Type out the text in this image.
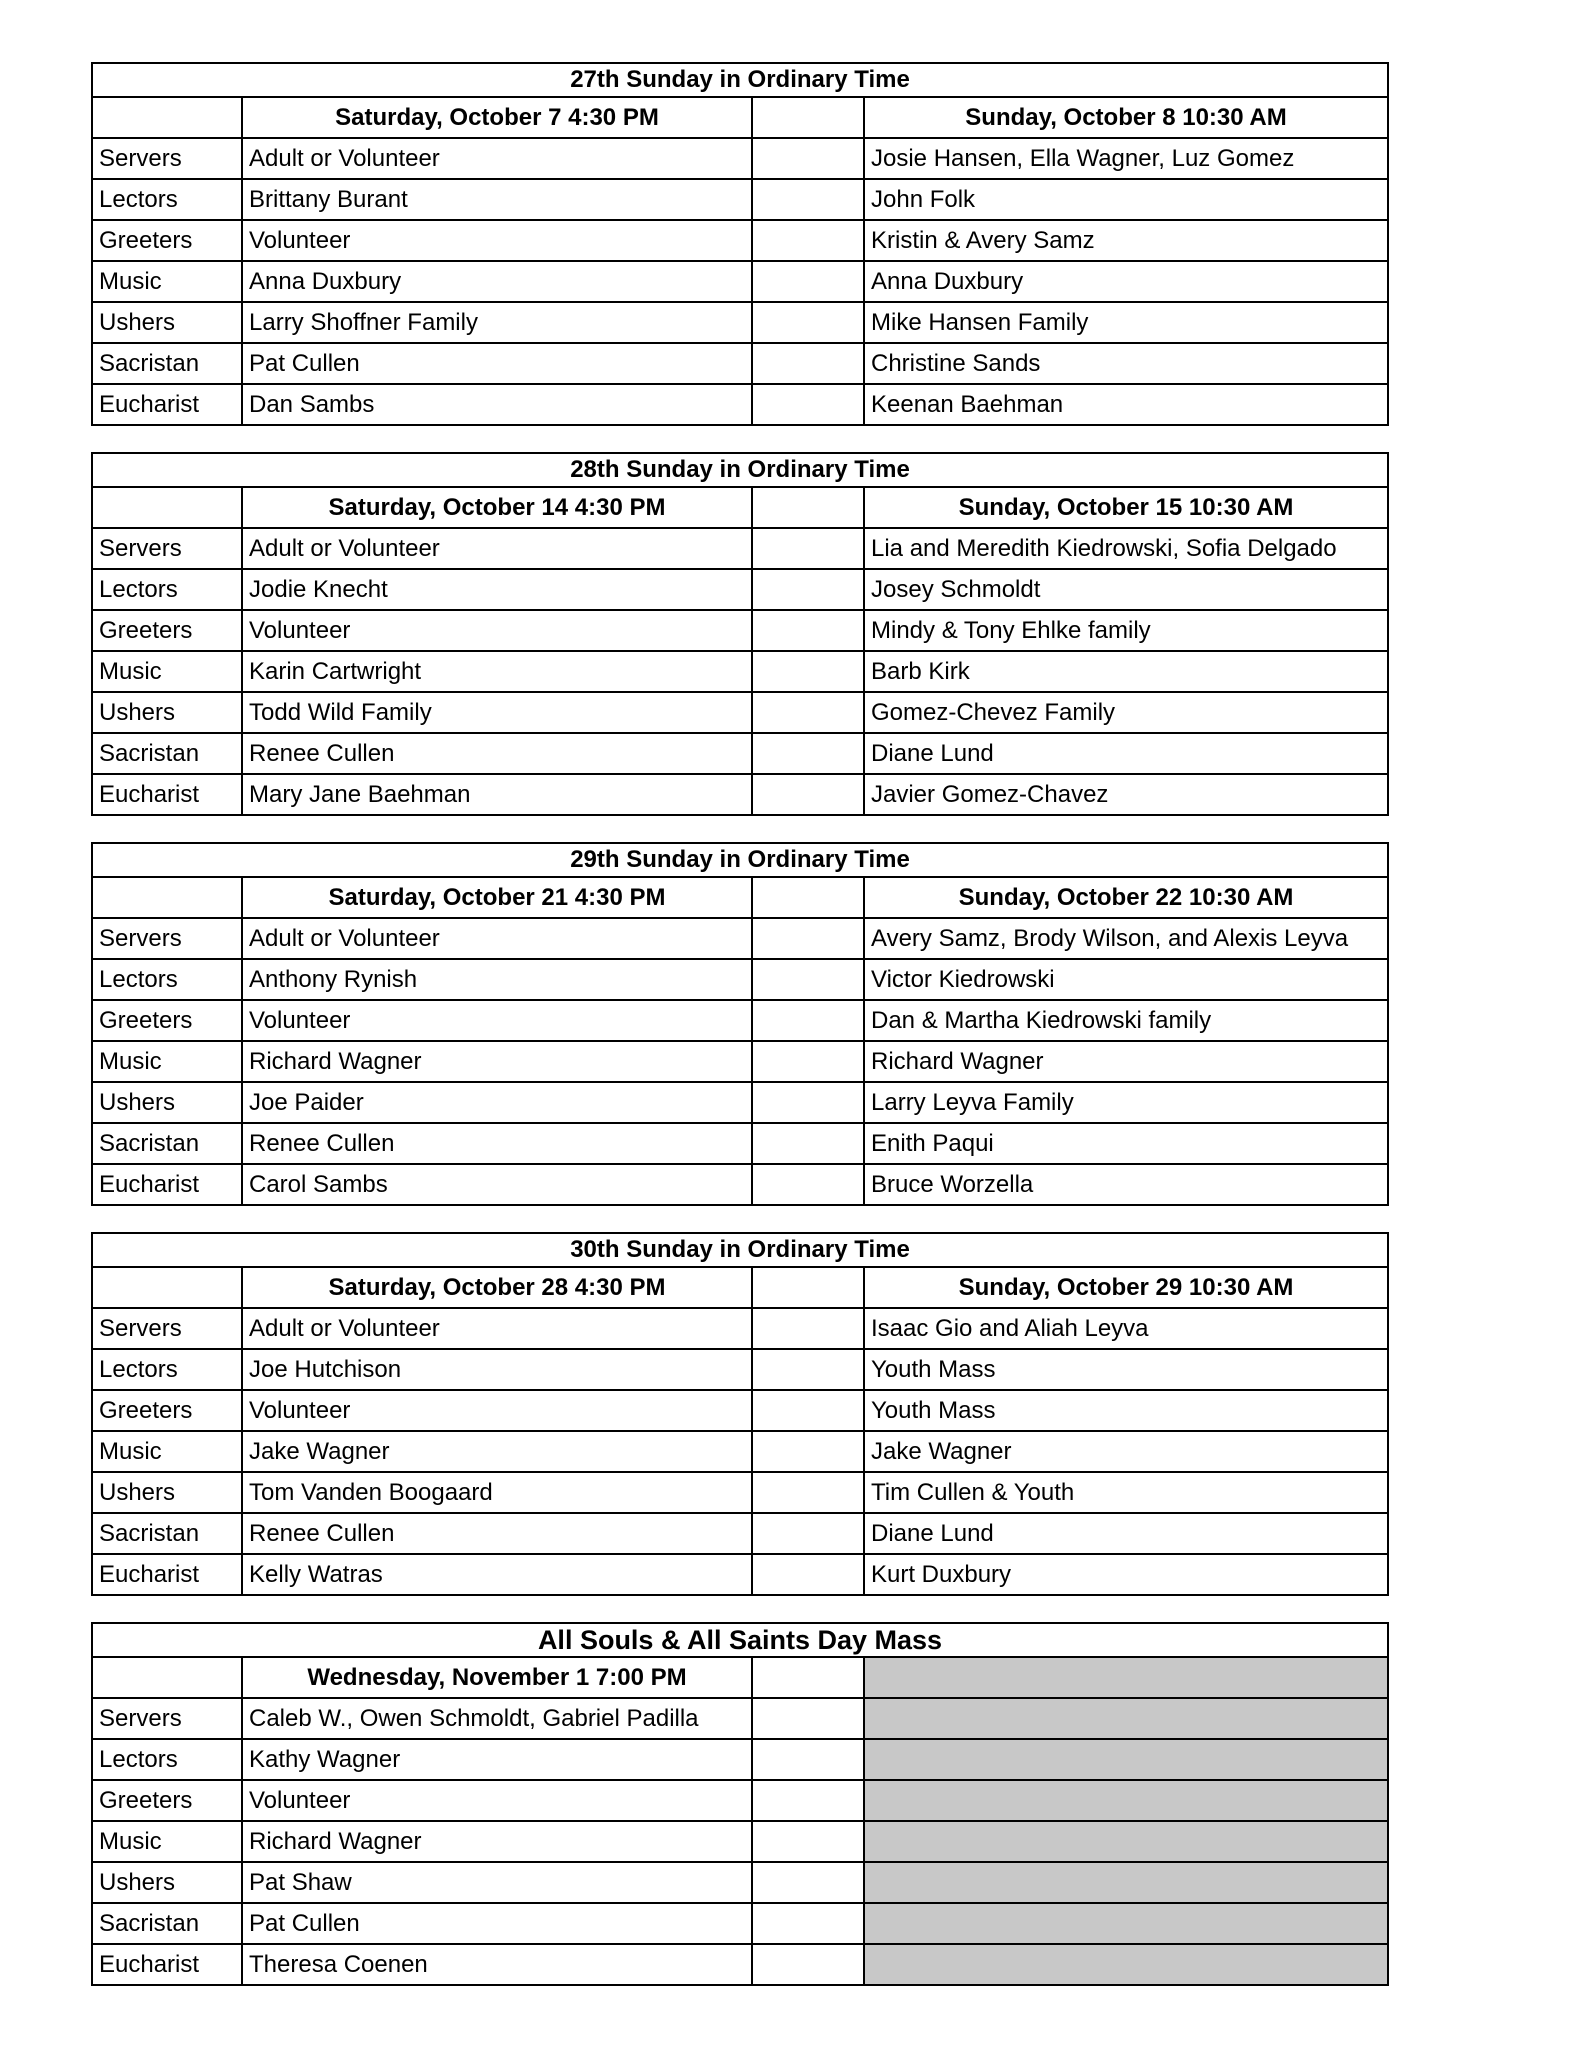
27th Sunday in Ordinary Time			
	Saturday, October 7 4:30 PM		Sunday, October 8 10:30 AM
Servers	Adult or Volunteer		Josie Hansen, Ella Wagner, Luz Gomez
Lectors	Brittany Burant		John Folk
Greeters	Volunteer		Kristin & Avery Samz
Music	Anna Duxbury		Anna Duxbury
Ushers	Larry Shoffner Family		Mike Hansen Family
Sacristan	Pat Cullen		Christine Sands
Eucharist	Dan Sambs		Keenan Baehman
28th Sunday in Ordinary Time			
	Saturday, October 14 4:30 PM		Sunday, October 15 10:30 AM
Servers	Adult or Volunteer		Lia and Meredith Kiedrowski, Sofia Delgado
Lectors	Jodie Knecht		Josey Schmoldt
Greeters	Volunteer		Mindy & Tony Ehlke family
Music	Karin Cartwright		Barb Kirk
Ushers	Todd Wild Family		Gomez-Chevez Family
Sacristan	Renee Cullen		Diane Lund
Eucharist	Mary Jane Baehman		Javier Gomez-Chavez
29th Sunday in Ordinary Time			
	Saturday, October 21 4:30 PM		Sunday, October 22 10:30 AM
Servers	Adult or Volunteer		Avery Samz, Brody Wilson, and Alexis Leyva
Lectors	Anthony Rynish		Victor Kiedrowski
Greeters	Volunteer		Dan & Martha Kiedrowski family
Music	Richard Wagner		Richard Wagner
Ushers	Joe Paider		Larry Leyva Family
Sacristan	Renee Cullen		Enith Paqui
Eucharist	Carol Sambs		Bruce Worzella
30th Sunday in Ordinary Time			
	Saturday, October 28 4:30 PM		Sunday, October 29 10:30 AM
Servers	Adult or Volunteer		Isaac Gio and Aliah Leyva
Lectors	Joe Hutchison		Youth Mass
Greeters	Volunteer		Youth Mass
Music	Jake Wagner		Jake Wagner
Ushers	Tom Vanden Boogaard		Tim Cullen & Youth
Sacristan	Renee Cullen		Diane Lund
Eucharist	Kelly Watras		Kurt Duxbury
All Souls & All Saints Day Mass			
	Wednesday, November 1 7:00 PM		
Servers	Caleb W., Owen Schmoldt, Gabriel Padilla		
Lectors	Kathy Wagner		
Greeters	Volunteer		
Music	Richard Wagner		
Ushers	Pat Shaw		
Sacristan	Pat Cullen		
Eucharist	Theresa Coenen		
